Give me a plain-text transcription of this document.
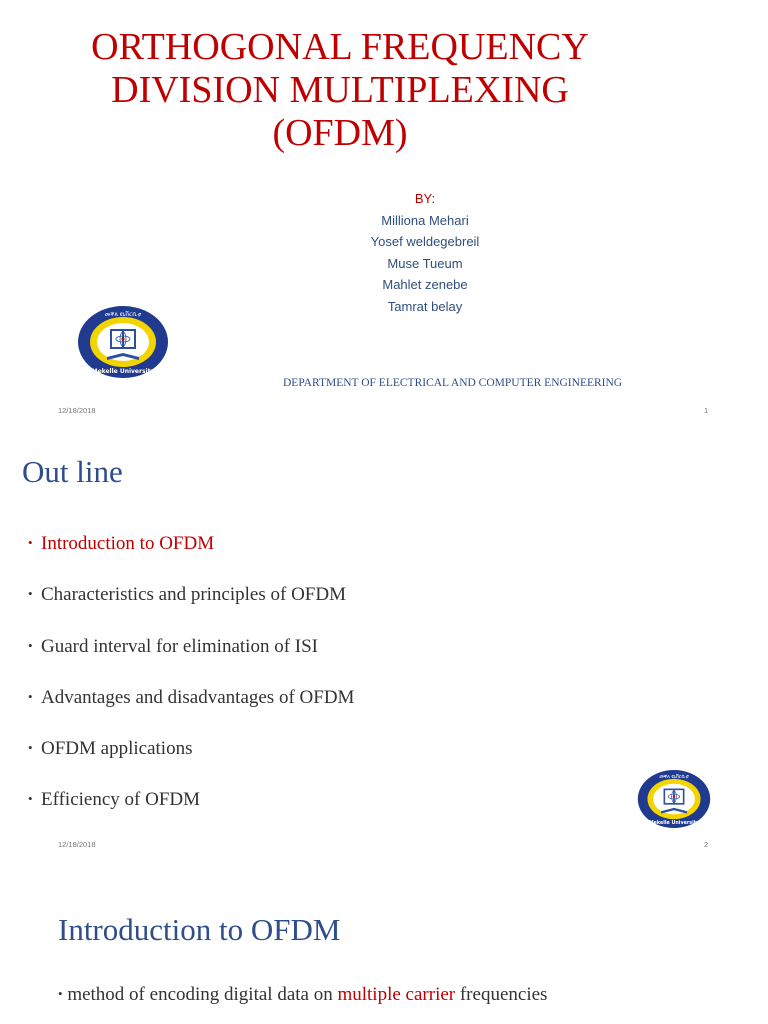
ORTHOGONAL FREQUENCY
DIVISION MULTIPLEXING
(OFDM)
BY:
Milliona Mehari
Yosef weldegebreil
Muse Tueum
Mahlet zenebe
Tamrat belay
መቐለ ዩኒቨርሲቲ
Mekelle University
DEPARTMENT OF ELECTRICAL AND COMPUTER ENGINEERING
12/18/2018	1
Out line
• Introduction to OFDM
• Characteristics and principles of OFDM
• Guard interval for elimination of ISI
• Advantages and disadvantages of OFDM
• OFDM applications
• Efficiency of OFDM
መቐለ ዩኒቨርሲቲ
Mekelle University
12/18/2018	2
Introduction to OFDM
• method of encoding digital data on multiple carrier frequencies
